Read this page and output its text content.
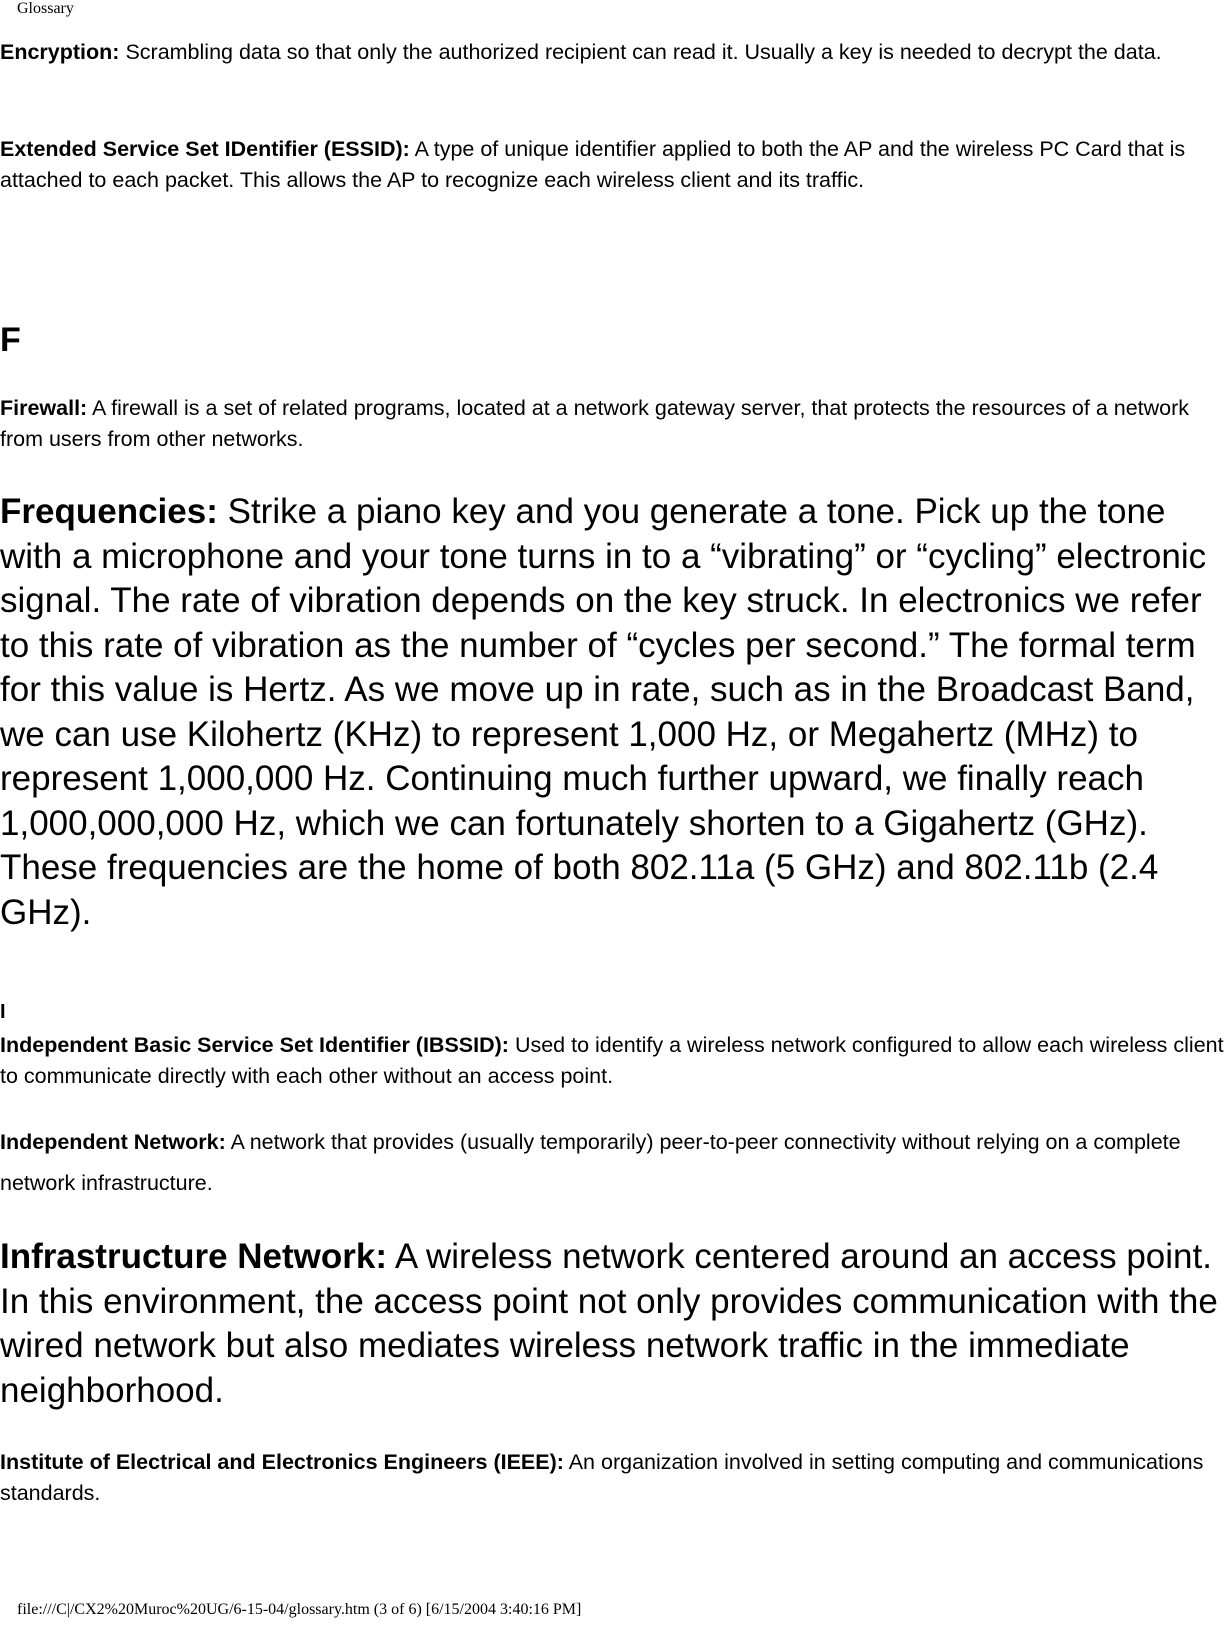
Glossary

Encryption: Scrambling data so that only the authorized recipient can read it. Usually a key is needed to decrypt the data.

Extended Service Set IDentifier (ESSID): A type of unique identifier applied to both the AP and the wireless PC Card that is attached to each packet. This allows the AP to recognize each wireless client and its traffic.

F

Firewall: A firewall is a set of related programs, located at a network gateway server, that protects the resources of a network from users from other networks.

Frequencies: Strike a piano key and you generate a tone. Pick up the tone with a microphone and your tone turns in to a “vibrating” or “cycling” electronic signal. The rate of vibration depends on the key struck. In electronics we refer to this rate of vibration as the number of “cycles per second.” The formal term for this value is Hertz. As we move up in rate, such as in the Broadcast Band, we can use Kilohertz (KHz) to represent 1,000 Hz, or Megahertz (MHz) to represent 1,000,000 Hz. Continuing much further upward, we finally reach 1,000,000,000 Hz, which we can fortunately shorten to a Gigahertz (GHz). These frequencies are the home of both 802.11a (5 GHz) and 802.11b (2.4 GHz).

I

Independent Basic Service Set Identifier (IBSSID): Used to identify a wireless network configured to allow each wireless client to communicate directly with each other without an access point.

Independent Network: A network that provides (usually temporarily) peer-to-peer connectivity without relying on a complete network infrastructure.

Infrastructure Network: A wireless network centered around an access point. In this environment, the access point not only provides communication with the wired network but also mediates wireless network traffic in the immediate neighborhood.

Institute of Electrical and Electronics Engineers (IEEE): An organization involved in setting computing and communications standards.

file:///C|/CX2%20Muroc%20UG/6-15-04/glossary.htm (3 of 6) [6/15/2004 3:40:16 PM]
